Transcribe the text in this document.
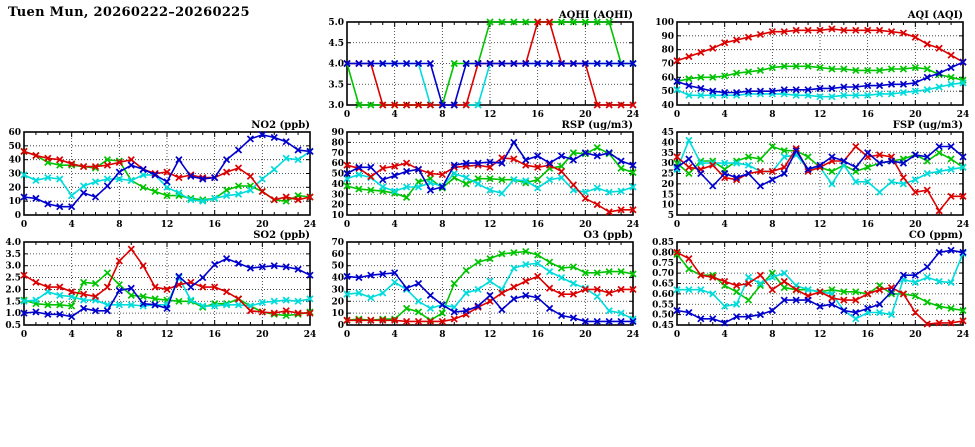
Tuen Mun, 20260222–20260225
3.0
3.5
4.0
4.5
5.0
0	4	8	12	16	20	24
AQHI (AQHI)
40
50
60
70
80
90
100
0	4	8	12	16	20	24
AQI (AQI)
0
10
20
30
40
50
60
0	4	8	12	16	20	24
NO2 (ppb)
10
20
30
40
50
60
70
80
90
0	4	8	12	16	20	24
RSP (ug/m3)
5
10
15
20
25
30
35
40
45
0	4	8	12	16	20	24
FSP (ug/m3)
0.5
1.0
1.5
2.0
2.5
3.0
3.5
4.0
0	4	8	12	16	20	24
SO2 (ppb)
0
10
20
30
40
50
60
70
0	4	8	12	16	20	24
O3 (ppb)
0.45
0.50
0.55
0.60
0.65
0.70
0.75
0.80
0.85
0	4	8	12	16	20	24
CO (ppm)
